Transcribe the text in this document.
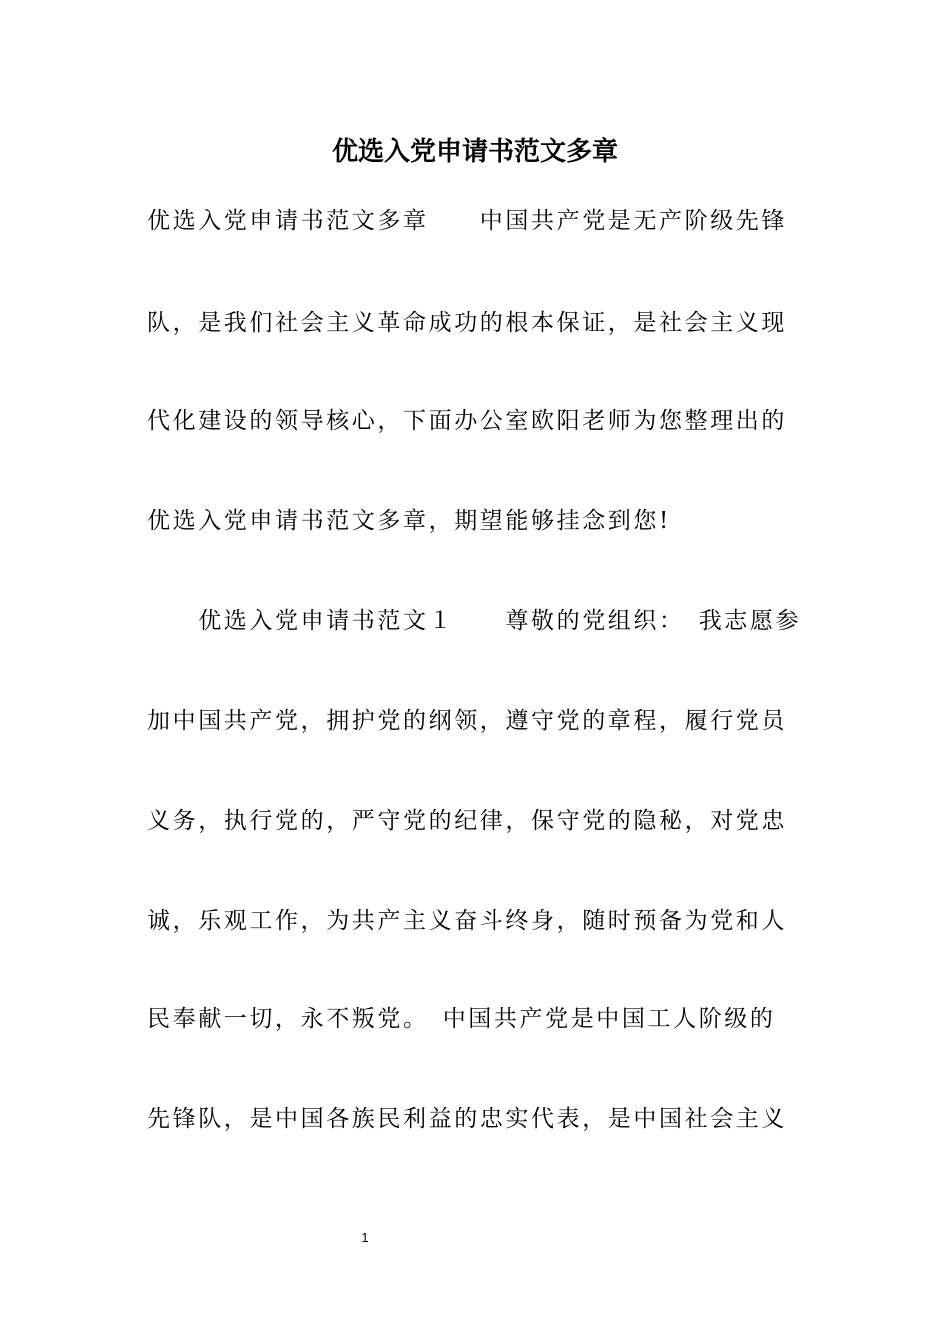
优选入党申请书范文多章
优选入党申请书范文多章　　中国共产党是无产阶级先锋
队，是我们社会主义革命成功的根本保证，是社会主义现
代化建设的领导核心，下面办公室欧阳老师为您整理出的
优选入党申请书范文多章，期望能够挂念到您!
　　优选入党申请书范文１　　尊敬的党组织：　我志愿参
加中国共产党，拥护党的纲领，遵守党的章程，履行党员
义务，执行党的，严守党的纪律，保守党的隐秘，对党忠
诚，乐观工作，为共产主义奋斗终身，随时预备为党和人
民奉献一切，永不叛党。　中国共产党是中国工人阶级的
先锋队，是中国各族民利益的忠实代表，是中国社会主义
1
